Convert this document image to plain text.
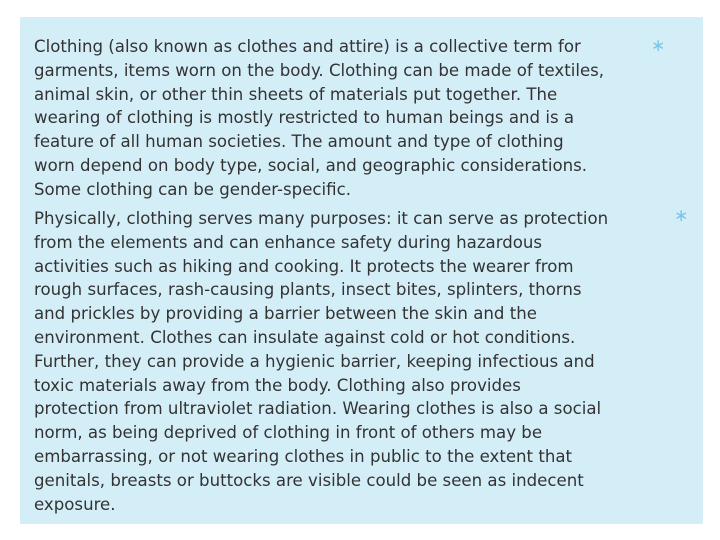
∗

Clothing (also known as clothes and attire) is a collective term for
garments, items worn on the body. Clothing can be made of textiles,
animal skin, or other thin sheets of materials put together. The
wearing of clothing is mostly restricted to human beings and is a
feature of all human societies. The amount and type of clothing
worn depend on body type, social, and geographic considerations.
Some clothing can be gender-specific.

∗

Physically, clothing serves many purposes: it can serve as protection
from the elements and can enhance safety during hazardous
activities such as hiking and cooking. It protects the wearer from
rough surfaces, rash-causing plants, insect bites, splinters, thorns
and prickles by providing a barrier between the skin and the
environment. Clothes can insulate against cold or hot conditions.
Further, they can provide a hygienic barrier, keeping infectious and
toxic materials away from the body. Clothing also provides
protection from ultraviolet radiation. Wearing clothes is also a social
norm, as being deprived of clothing in front of others may be
embarrassing, or not wearing clothes in public to the extent that
genitals, breasts or buttocks are visible could be seen as indecent
exposure.
